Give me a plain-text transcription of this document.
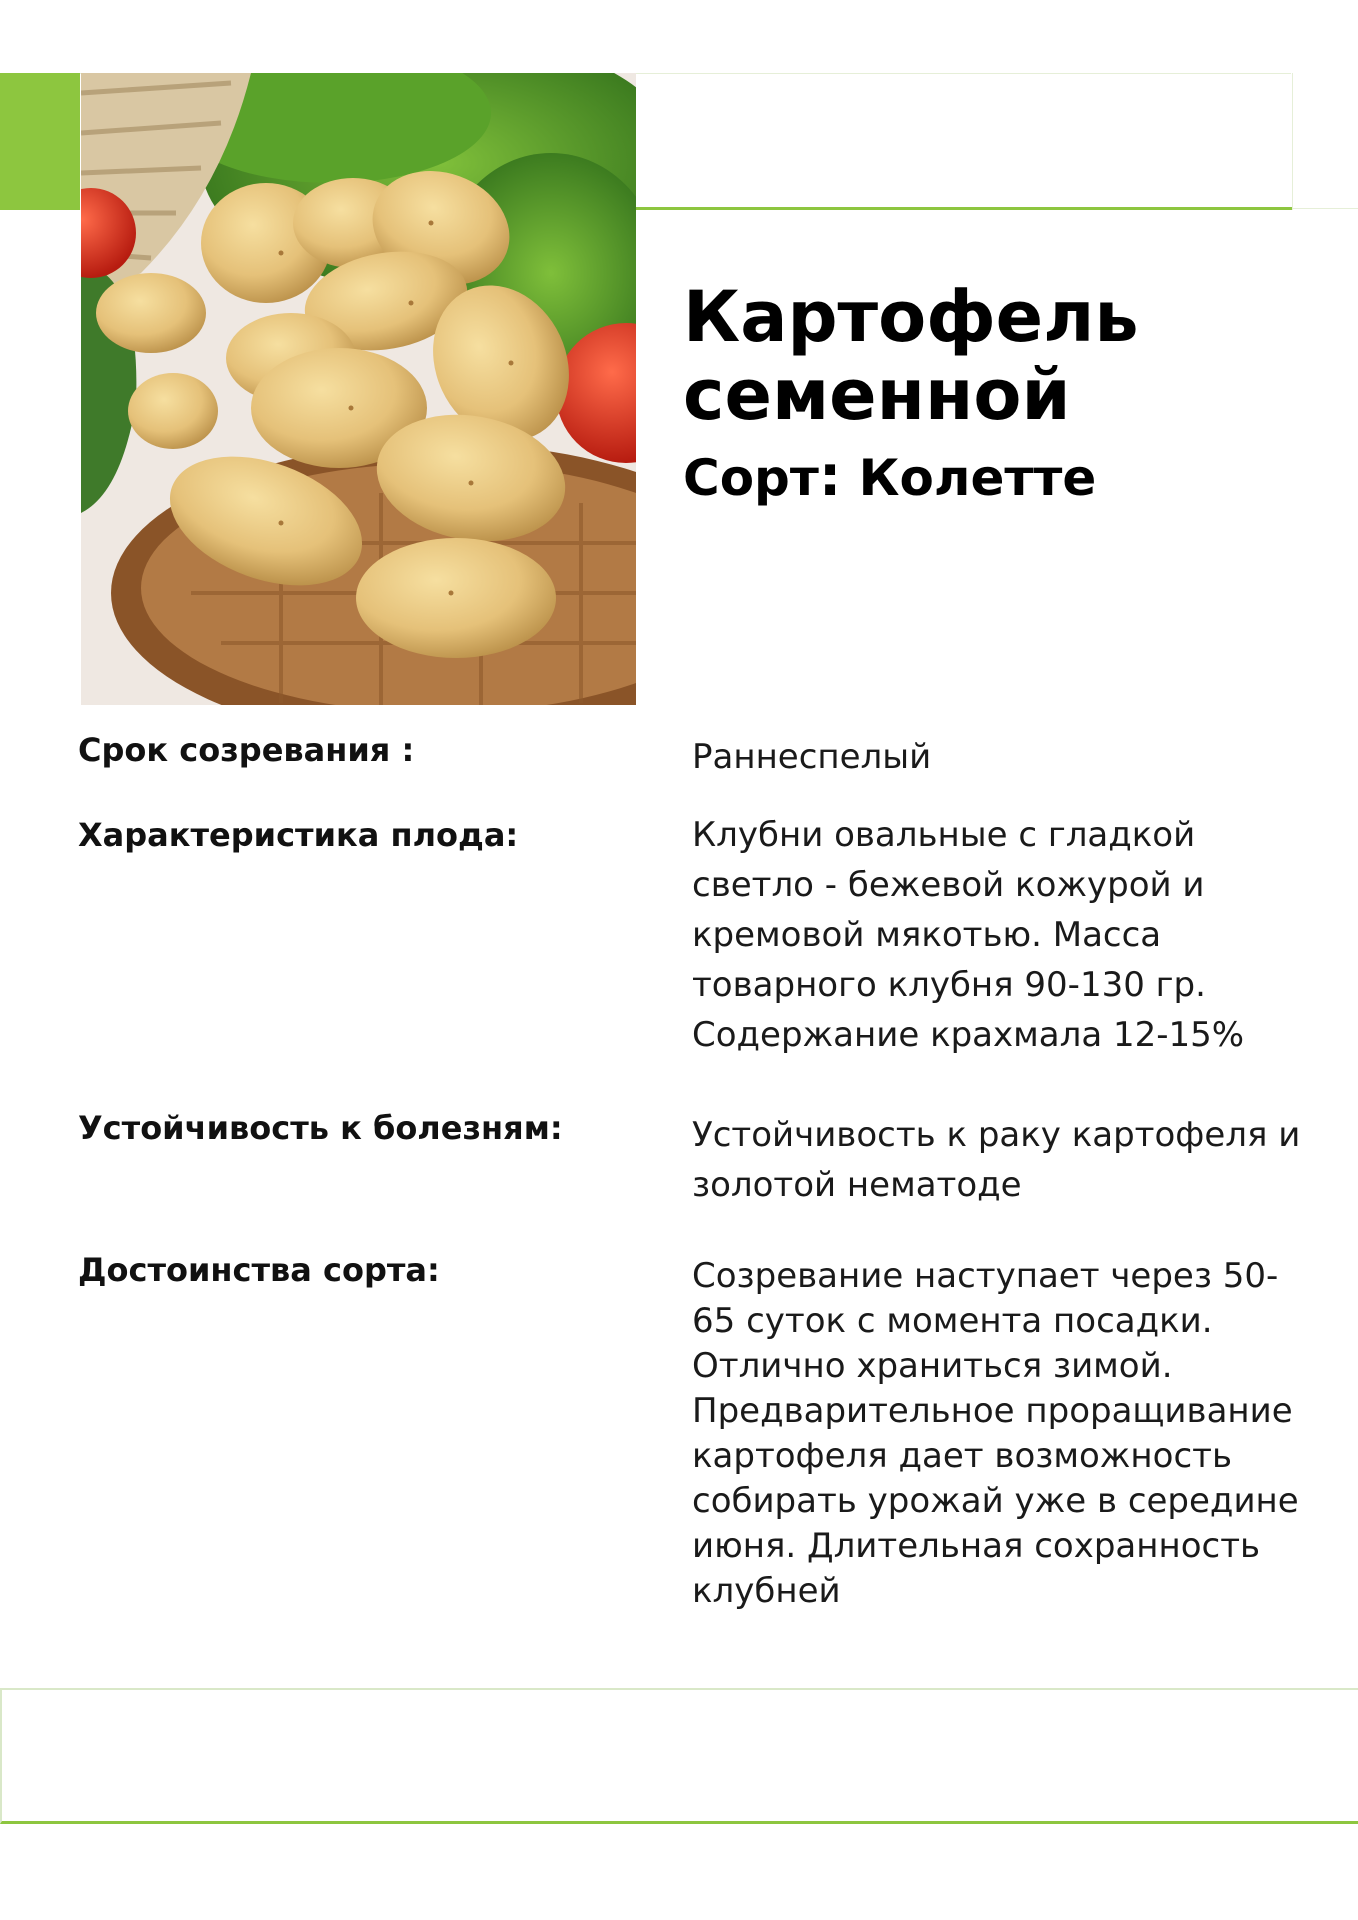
Картофель
семенной
Сорт: Колетте
Срок созревания :	Раннеспелый
Характеристика плода:	Клубни овальные с гладкой
светло - бежевой кожурой и
кремовой мякотью. Масса
товарного клубня 90-130 гр.
Содержание крахмала 12-15%
Устойчивость к болезням:	Устойчивость к раку картофеля и
золотой нематоде
Достоинства сорта:	Созревание наступает через 50-
65 суток с момента посадки.
Отлично храниться зимой.
Предварительное проращивание
картофеля дает возможность
собирать урожай уже в середине
июня. Длительная сохранность
клубней
